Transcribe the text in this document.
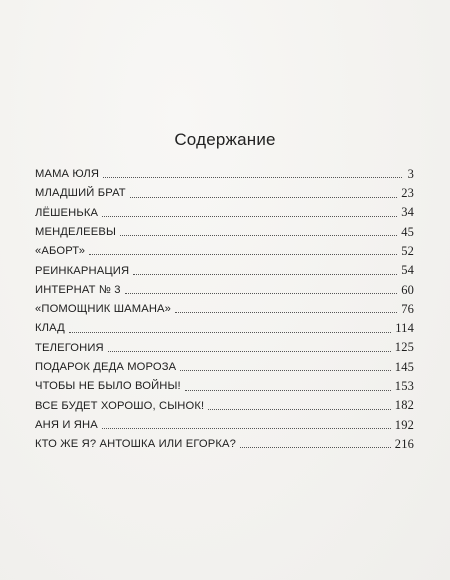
Содержание
МАМА ЮЛЯ	3
МЛАДШИЙ БРАТ	23
ЛЁШЕНЬКА	34
МЕНДЕЛЕЕВЫ	45
«АБОРТ»	52
РЕИНКАРНАЦИЯ	54
ИНТЕРНАТ № 3	60
«ПОМОЩНИК ШАМАНА»	76
КЛАД	114
ТЕЛЕГОНИЯ	125
ПОДАРОК ДЕДА МОРОЗА	145
ЧТОБЫ НЕ БЫЛО ВОЙНЫ!	153
ВСЕ БУДЕТ ХОРОШО, СЫНОК!	182
АНЯ И ЯНА	192
КТО ЖЕ Я? АНТОШКА ИЛИ ЕГОРКА?	216
